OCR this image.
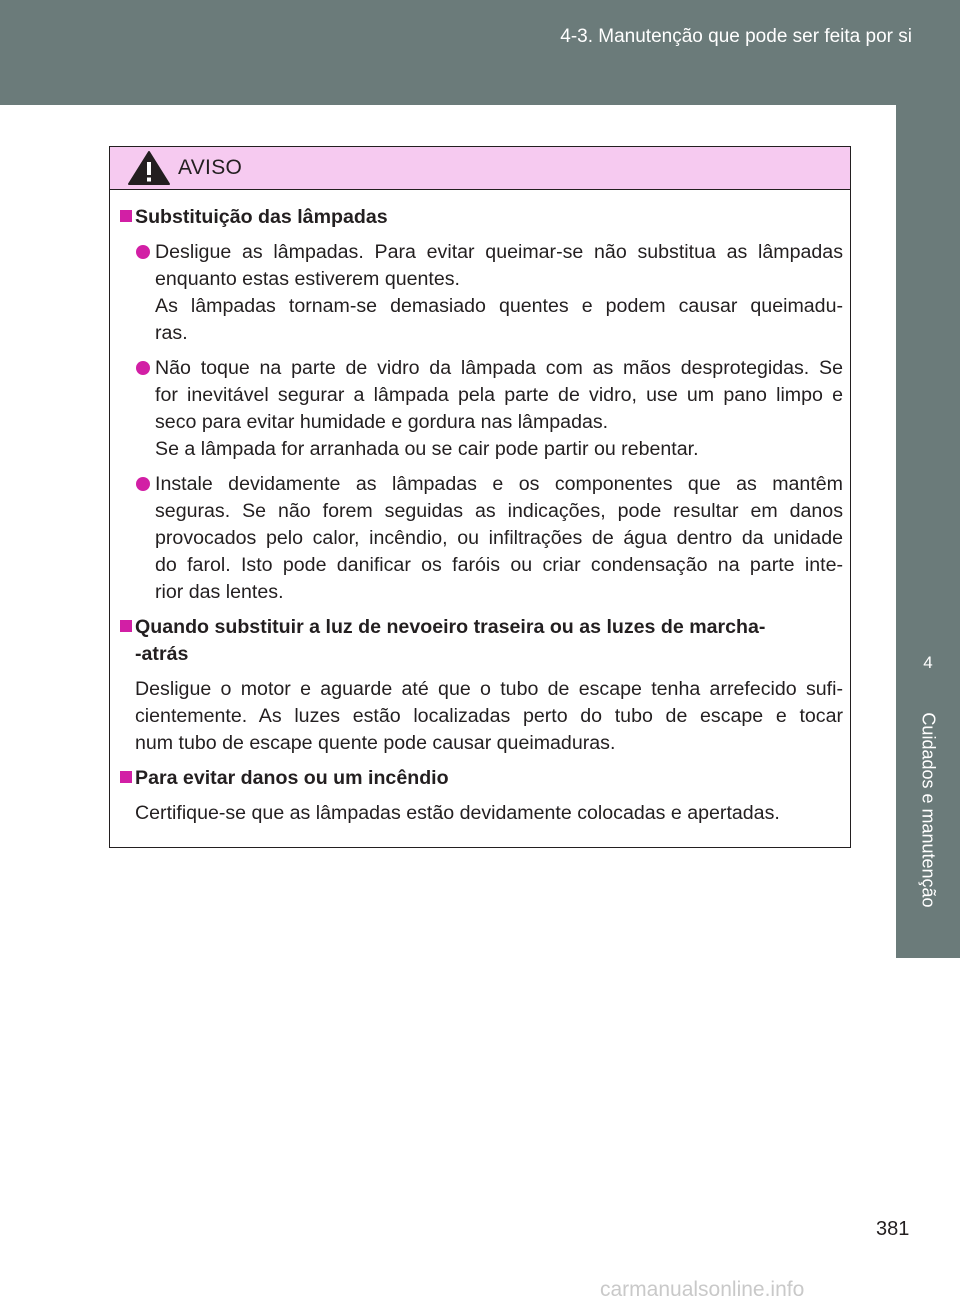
4-3. Manutenção que pode ser feita por si
4
Cuidados e manutenção
AVISO
Substituição das lâmpadas
Desligue as lâmpadas. Para evitar queimar-se não substitua as lâmpadas
enquanto estas estiverem quentes.
As lâmpadas tornam-se demasiado quentes e podem causar queimadu-
ras.
Não toque na parte de vidro da lâmpada com as mãos desprotegidas. Se
for inevitável segurar a lâmpada pela parte de vidro, use um pano limpo e
seco para evitar humidade e gordura nas lâmpadas.
Se a lâmpada for arranhada ou se cair pode partir ou rebentar.
Instale devidamente as lâmpadas e os componentes que as mantêm
seguras. Se não forem seguidas as indicações, pode resultar em danos
provocados pelo calor, incêndio, ou infiltrações de água dentro da unidade
do farol. Isto pode danificar os faróis ou criar condensação na parte inte-
rior das lentes.
Quando substituir a luz de nevoeiro traseira ou as luzes de marcha-
-atrás
Desligue o motor e aguarde até que o tubo de escape tenha arrefecido sufi-
cientemente. As luzes estão localizadas perto do tubo de escape e tocar
num tubo de escape quente pode causar queimaduras.
Para evitar danos ou um incêndio
Certifique-se que as lâmpadas estão devidamente colocadas e apertadas.
381
carmanualsonline.info
